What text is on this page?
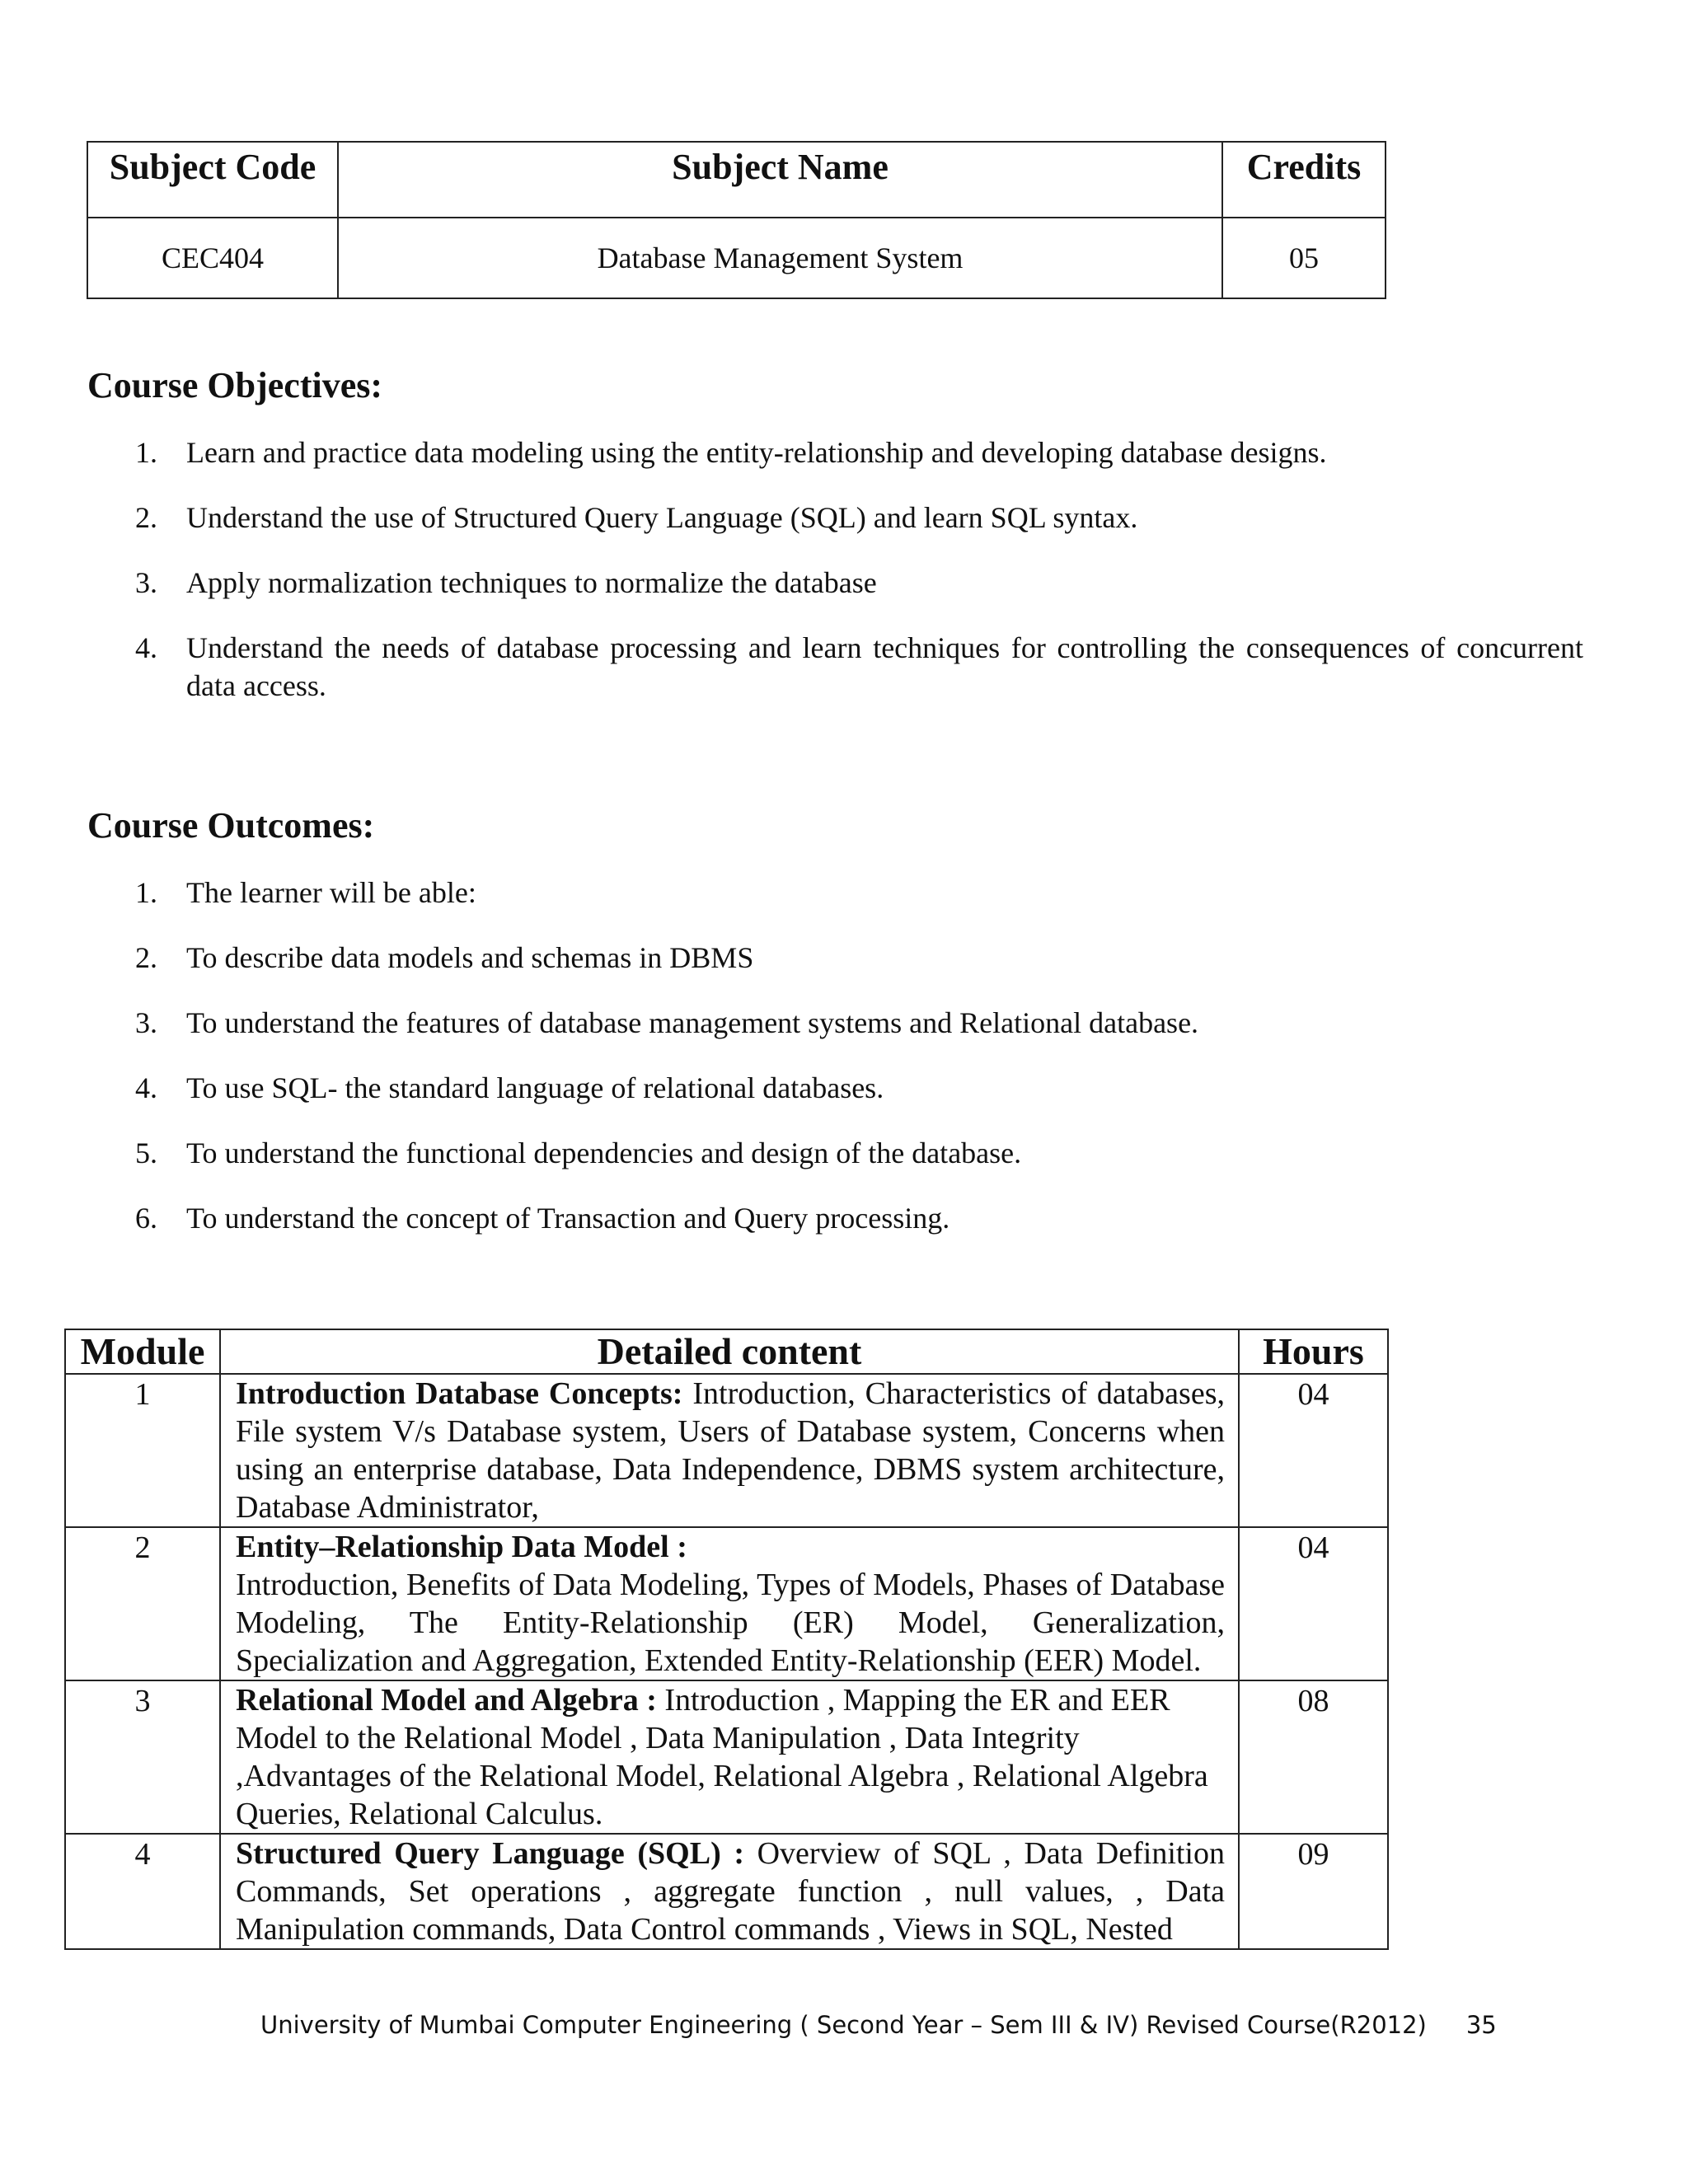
Subject Code	Subject Name	Credits
CEC404	Database Management System	05
Course Objectives:
1. Learn and practice data modeling using the entity-relationship and developing database designs.
2. Understand the use of Structured Query Language (SQL) and learn SQL syntax.
3. Apply normalization techniques to normalize the database
4. Understand the needs of database processing and learn techniques for controlling the consequences of concurrent data access.
Course Outcomes:
1. The learner will be able:
2. To describe data models and schemas in DBMS
3. To understand the features of database management systems and Relational database.
4. To use SQL- the standard language of relational databases.
5. To understand the functional dependencies and design of the database.
6. To understand the concept of Transaction and Query processing.
Module	Detailed content	Hours
1	Introduction Database Concepts: Introduction, Characteristics of databases, File system V/s Database system, Users of Database system, Concerns when using an enterprise database, Data Independence, DBMS system architecture, Database Administrator,	04
2	Entity–Relationship Data Model :
Introduction, Benefits of Data Modeling, Types of Models, Phases of Database Modeling, The Entity-Relationship (ER) Model, Generalization, Specialization and Aggregation, Extended Entity-Relationship (EER) Model.	04
3	Relational Model and Algebra : Introduction , Mapping the ER and EER Model to the Relational Model , Data Manipulation , Data Integrity ,Advantages of the Relational Model, Relational Algebra , Relational Algebra Queries, Relational Calculus.	08
4	Structured Query Language (SQL) : Overview of SQL , Data Definition Commands, Set operations , aggregate function , null values, , Data Manipulation commands, Data Control commands , Views in SQL, Nested	09
University of Mumbai Computer Engineering ( Second Year – Sem III & IV) Revised Course(R2012) 35
